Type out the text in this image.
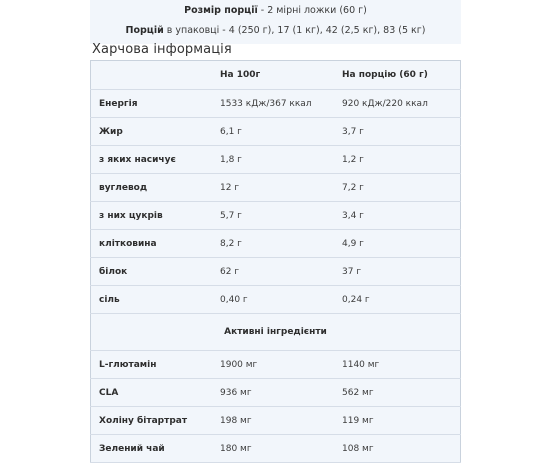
Розмір порції - 2 мірні ложки (60 г)
Порцій в упаковці - 4 (250 г), 17 (1 кг), 42 (2,5 кг), 83 (5 кг)
Харчова інформація
	На 100г	На порцію (60 г)
Енергія	1533 кДж/367 ккал	920 кДж/220 ккал
Жир	6,1 г	3,7 г
з яких насичує	1,8 г	1,2 г
вуглевод	12 г	7,2 г
з них цукрів	5,7 г	3,4 г
клітковина	8,2 г	4,9 г
білок	62 г	37 г
сіль	0,40 г	0,24 г
Активні інгредієнти		
L-глютамін	1900 мг	1140 мг
CLA	936 мг	562 мг
Холіну бітартрат	198 мг	119 мг
Зелений чай	180 мг	108 мг
